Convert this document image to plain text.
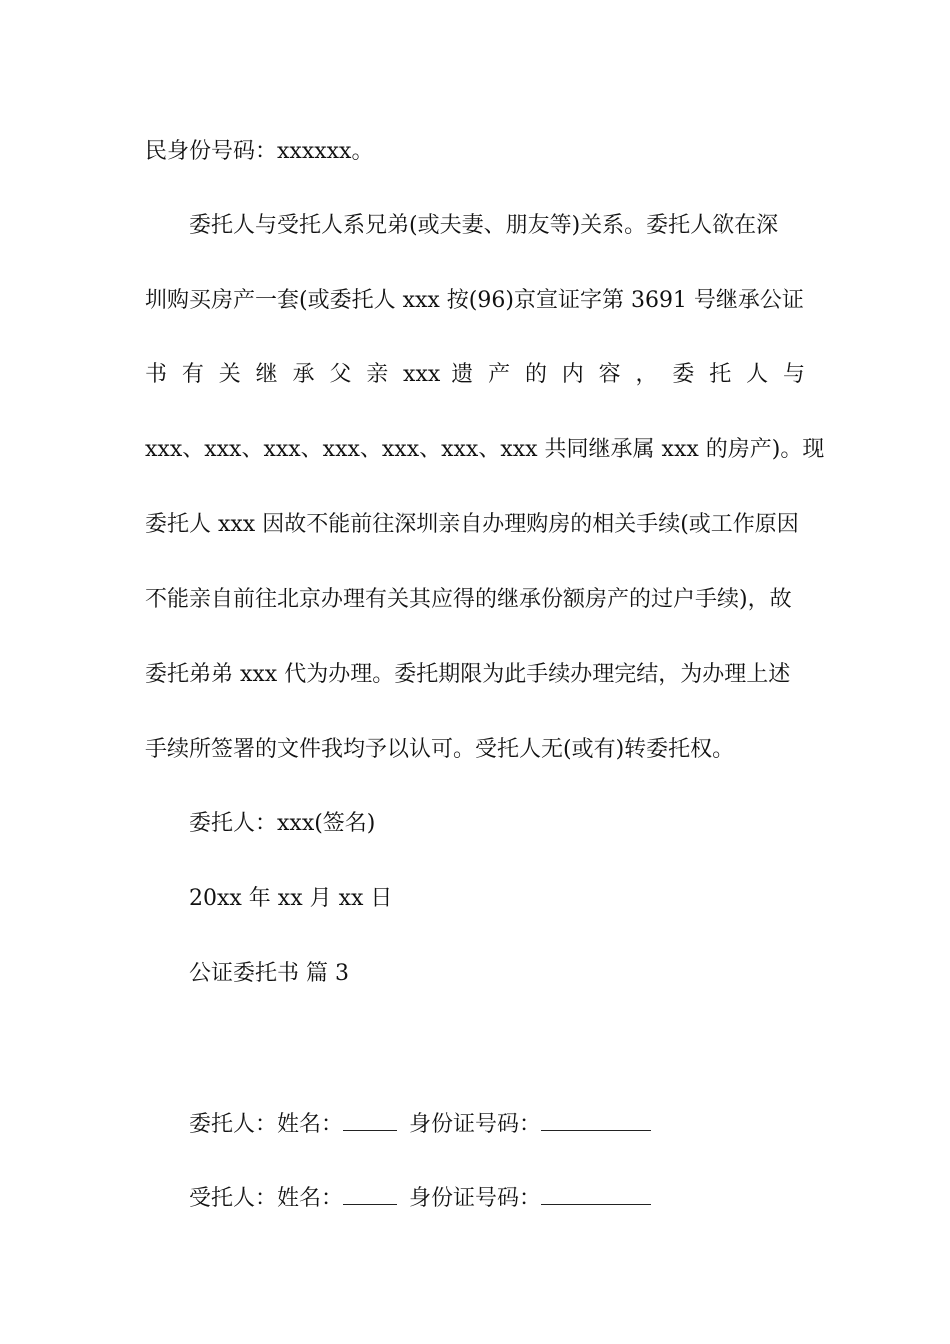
民身份号码：xxxxxx。
委托人与受托人系兄弟(或夫妻、朋友等)关系。委托人欲在深
圳购买房产一套(或委托人 xxx 按(96)京宣证字第 3691 号继承公证
书 有 关 继 承 父 亲 xxx 遗 产 的 内 容 ， 委 托 人 与
xxx、xxx、xxx、xxx、xxx、xxx、xxx 共同继承属 xxx 的房产)。现
委托人 xxx 因故不能前往深圳亲自办理购房的相关手续(或工作原因
不能亲自前往北京办理有关其应得的继承份额房产的过户手续)，故
委托弟弟 xxx 代为办理。委托期限为此手续办理完结，为办理上述
手续所签署的文件我均予以认可。受托人无(或有)转委托权。
委托人：xxx(签名)
20xx 年 xx 月 xx 日
公证委托书 篇 3
委托人：姓名：	身份证号码：
受托人：姓名：	身份证号码：
